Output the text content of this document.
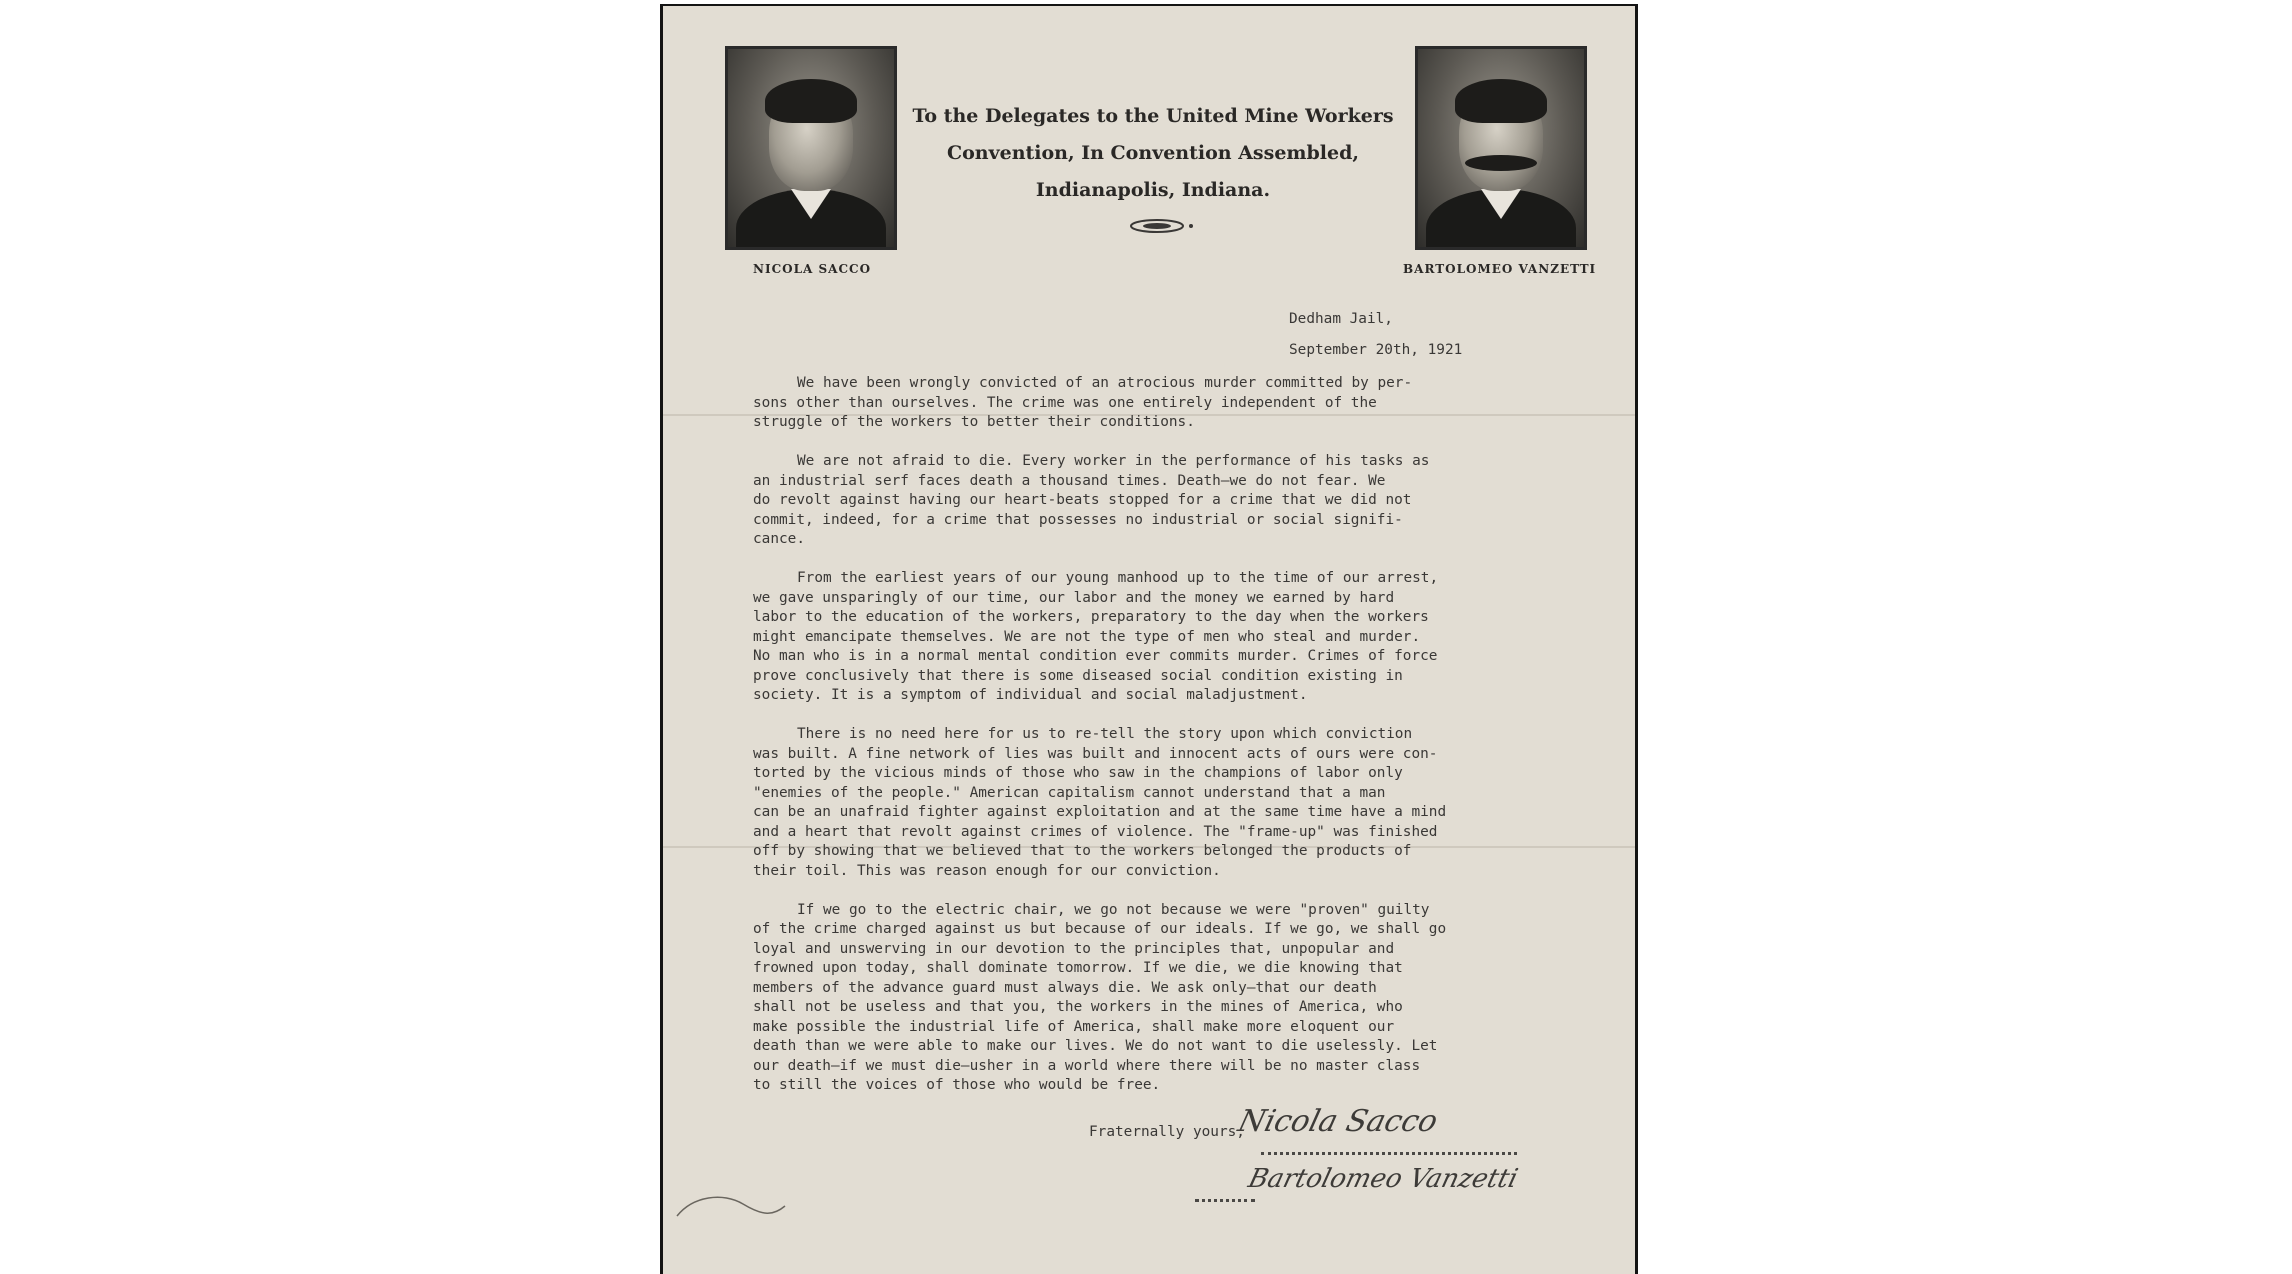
NICOLA SACCO
To the Delegates to the United Mine Workers
Convention, In Convention Assembled,
Indianapolis, Indiana.
BARTOLOMEO VANZETTI
Dedham Jail,
September 20th, 1921

We have been wrongly convicted of an atrocious murder committed by per-
sons other than ourselves. The crime was one entirely independent of the
struggle of the workers to better their conditions.

We are not afraid to die. Every worker in the performance of his tasks as
an industrial serf faces death a thousand times. Death—we do not fear. We
do revolt against having our heart-beats stopped for a crime that we did not
commit, indeed, for a crime that possesses no industrial or social signifi-
cance.

From the earliest years of our young manhood up to the time of our arrest,
we gave unsparingly of our time, our labor and the money we earned by hard
labor to the education of the workers, preparatory to the day when the workers
might emancipate themselves. We are not the type of men who steal and murder.
No man who is in a normal mental condition ever commits murder. Crimes of force
prove conclusively that there is some diseased social condition existing in
society. It is a symptom of individual and social maladjustment.

There is no need here for us to re-tell the story upon which conviction
was built. A fine network of lies was built and innocent acts of ours were con-
torted by the vicious minds of those who saw in the champions of labor only
"enemies of the people." American capitalism cannot understand that a man
can be an unafraid fighter against exploitation and at the same time have a mind
and a heart that revolt against crimes of violence. The "frame-up" was finished
off by showing that we believed that to the workers belonged the products of
their toil. This was reason enough for our conviction.

If we go to the electric chair, we go not because we were "proven" guilty
of the crime charged against us but because of our ideals. If we go, we shall go
loyal and unswerving in our devotion to the principles that, unpopular and
frowned upon today, shall dominate tomorrow. If we die, we die knowing that
members of the advance guard must always die. We ask only—that our death
shall not be useless and that you, the workers in the mines of America, who
make possible the industrial life of America, shall make more eloquent our
death than we were able to make our lives. We do not want to die uselessly. Let
our death—if we must die—usher in a world where there will be no master class
to still the voices of those who would be free.

Fraternally yours,
Nicola Sacco
Bartolomeo Vanzetti
